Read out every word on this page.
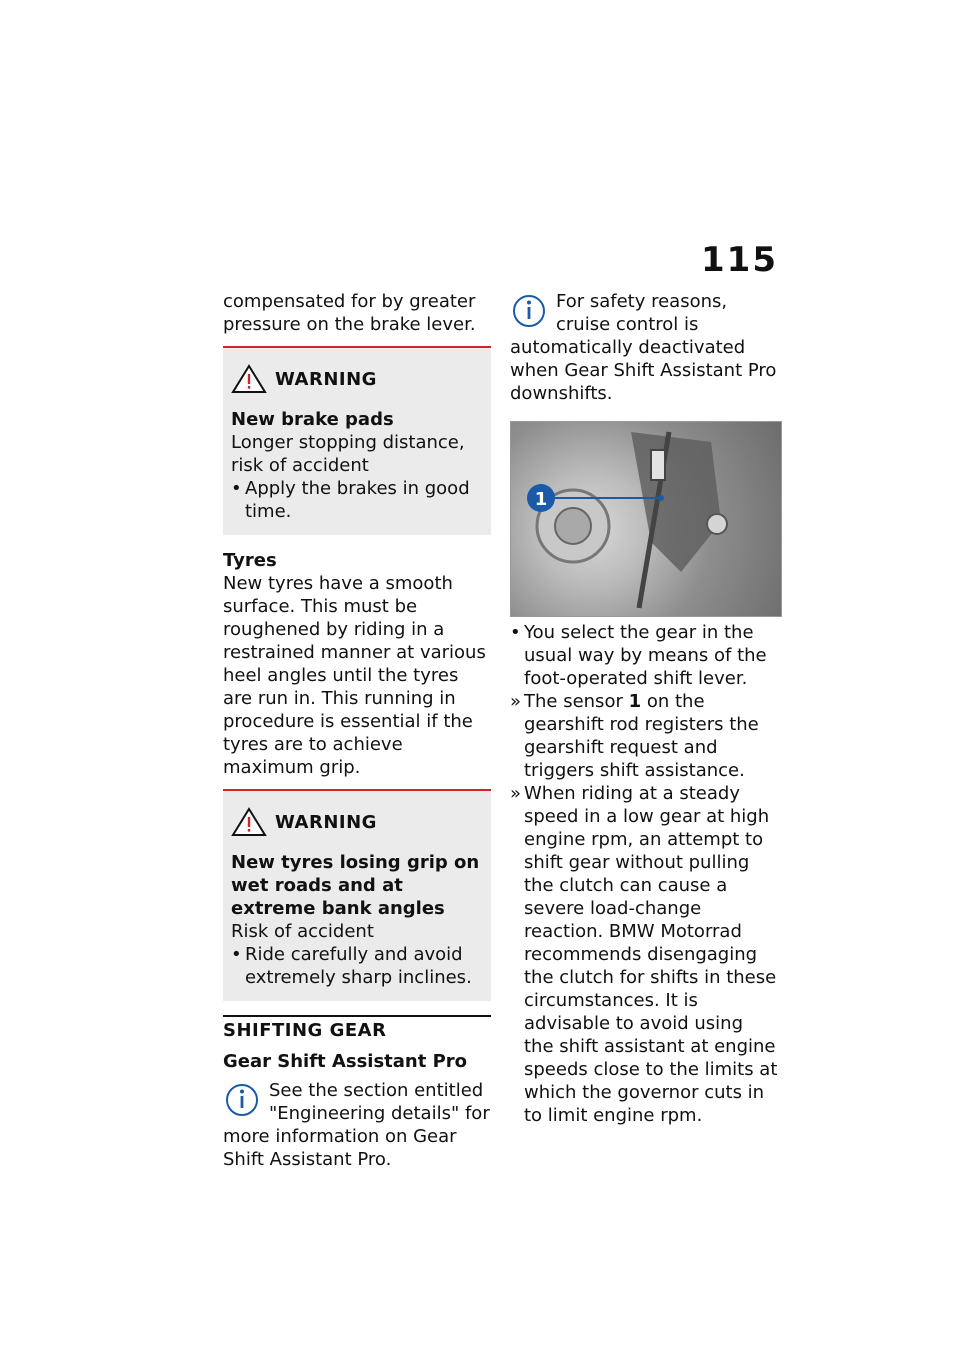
115

compensated for by greater pressure on the brake lever.

WARNING

New brake pads

Longer stopping distance, risk of accident

• Apply the brakes in good time.

Tyres

New tyres have a smooth surface. This must be roughened by riding in a restrained manner at various heel angles until the tyres are run in. This running in procedure is essential if the tyres are to achieve maximum grip.

WARNING

New tyres losing grip on wet roads and at extreme bank angles

Risk of accident

• Ride carefully and avoid extremely sharp inclines.

SHIFTING GEAR

Gear Shift Assistant Pro

See the section entitled "Engineering details" for more information on Gear Shift Assistant Pro.

For safety reasons, cruise control is automatically deactivated when Gear Shift Assistant Pro downshifts.

1
• You select the gear in the usual way by means of the foot-operated shift lever.
» The sensor 1 on the gearshift rod registers the gearshift request and triggers shift assistance.
» When riding at a steady speed in a low gear at high engine rpm, an attempt to shift gear without pulling the clutch can cause a severe load-change reaction. BMW Motorrad recommends disengaging the clutch for shifts in these circumstances. It is advisable to avoid using the shift assistant at engine speeds close to the limits at which the governor cuts in to limit engine rpm.
